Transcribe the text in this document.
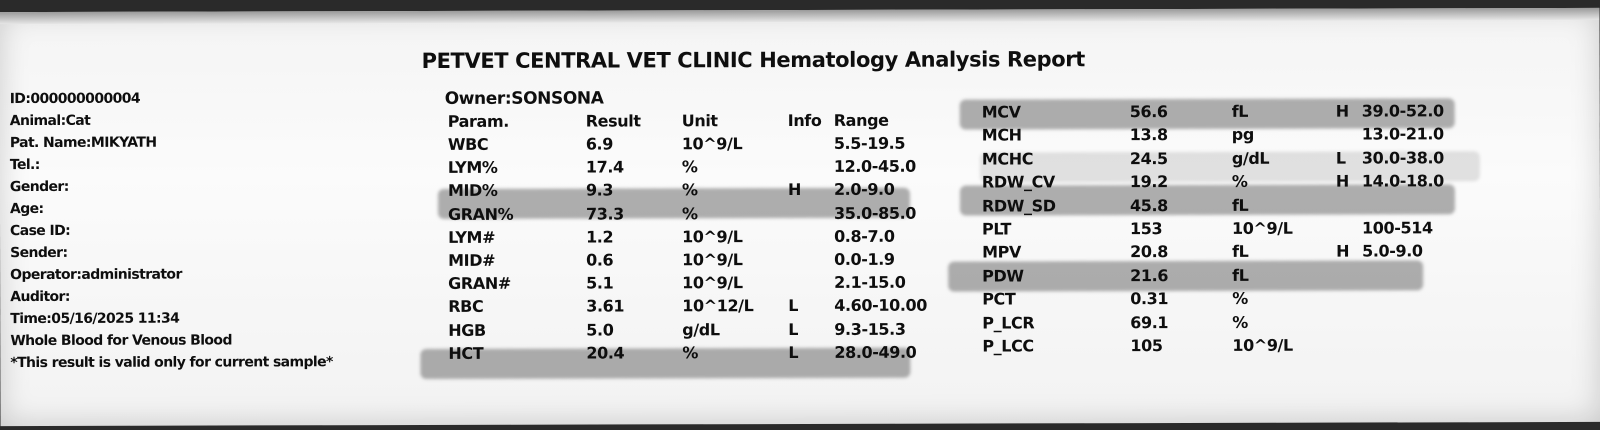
PETVET CENTRAL VET CLINIC Hematology Analysis Report
Owner:SONSONA
ID:000000000004
Animal:Cat
Pat. Name:MIKYATH
Tel.:
Gender:
Age:
Case ID:
Sender:
Operator:administrator
Auditor:
Time:05/16/2025 11:34
Whole Blood for Venous Blood
*This result is valid only for current sample*
Param.	Result	Unit	Info Range
WBC	6.9	10^9/L	5.5-19.5
LYM%	17.4	%	12.0-45.0
MID%	9.3	%	H 2.0-9.0
GRAN%	73.3	%	35.0-85.0
LYM#	1.2	10^9/L	0.8-7.0
MID#	0.6	10^9/L	0.0-1.9
GRAN#	5.1	10^9/L	2.1-15.0
RBC	3.61	10^12/L L 4.60-10.00
HGB	5.0	g/dL	L 9.3-15.3
HCT	20.4	%	L 28.0-49.0
MCV	56.6	fL	H 39.0-52.0
MCH	13.8	pg	13.0-21.0
MCHC	24.5	g/dL	L 30.0-38.0
RDW_CV	19.2	%	H 14.0-18.0
RDW_SD	45.8	fL
PLT	153	10^9/L	100-514
MPV	20.8	fL	H 5.0-9.0
PDW	21.6	fL
PCT	0.31	%
P_LCR	69.1	%
P_LCC	105	10^9/L
